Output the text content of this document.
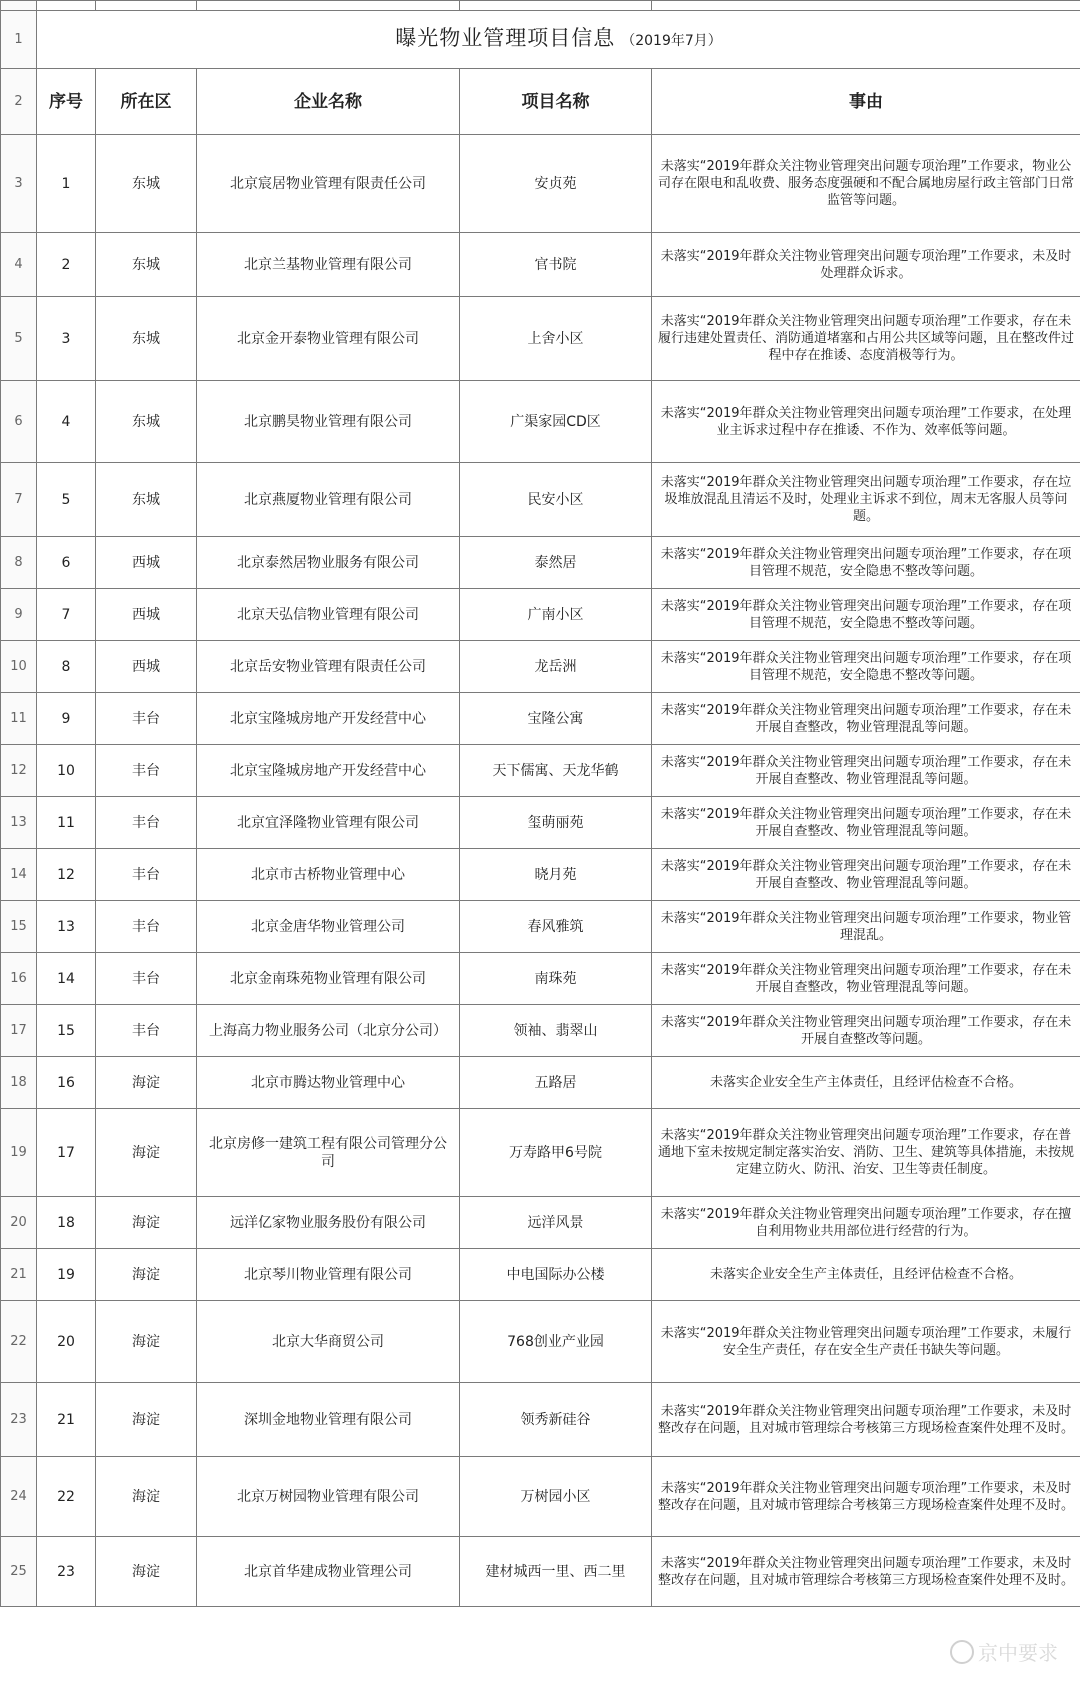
1	曝光物业管理项目信息 （2019年7月）				
2	序号	所在区	企业名称	项目名称	事由
3	1	东城	北京宸居物业管理有限责任公司	安贞苑	未落实“2019年群众关注物业管理突出问题专项治理”工作要求，物业公司存在限电和乱收费、服务态度强硬和不配合属地房屋行政主管部门日常监管等问题。
4	2	东城	北京兰基物业管理有限公司	官书院	未落实“2019年群众关注物业管理突出问题专项治理”工作要求，未及时处理群众诉求。
5	3	东城	北京金开泰物业管理有限公司	上舍小区	未落实“2019年群众关注物业管理突出问题专项治理”工作要求，存在未履行违建处置责任、消防通道堵塞和占用公共区域等问题，且在整改件过程中存在推诿、态度消极等行为。
6	4	东城	北京鹏昊物业管理有限公司	广渠家园CD区	未落实“2019年群众关注物业管理突出问题专项治理”工作要求，在处理业主诉求过程中存在推诿、不作为、效率低等问题。
7	5	东城	北京燕厦物业管理有限公司	民安小区	未落实“2019年群众关注物业管理突出问题专项治理”工作要求，存在垃圾堆放混乱且清运不及时，处理业主诉求不到位，周末无客服人员等问题。
8	6	西城	北京泰然居物业服务有限公司	泰然居	未落实“2019年群众关注物业管理突出问题专项治理”工作要求，存在项目管理不规范，安全隐患不整改等问题。
9	7	西城	北京天弘信物业管理有限公司	广南小区	未落实“2019年群众关注物业管理突出问题专项治理”工作要求，存在项目管理不规范，安全隐患不整改等问题。
10	8	西城	北京岳安物业管理有限责任公司	龙岳洲	未落实“2019年群众关注物业管理突出问题专项治理”工作要求，存在项目管理不规范，安全隐患不整改等问题。
11	9	丰台	北京宝隆城房地产开发经营中心	宝隆公寓	未落实“2019年群众关注物业管理突出问题专项治理”工作要求，存在未开展自查整改，物业管理混乱等问题。
12	10	丰台	北京宝隆城房地产开发经营中心	天下儒寓、天龙华鹤	未落实“2019年群众关注物业管理突出问题专项治理”工作要求，存在未开展自查整改、物业管理混乱等问题。
13	11	丰台	北京宜泽隆物业管理有限公司	玺萌丽苑	未落实“2019年群众关注物业管理突出问题专项治理”工作要求，存在未开展自查整改、物业管理混乱等问题。
14	12	丰台	北京市古桥物业管理中心	晓月苑	未落实“2019年群众关注物业管理突出问题专项治理”工作要求，存在未开展自查整改、物业管理混乱等问题。
15	13	丰台	北京金唐华物业管理公司	春风雅筑	未落实“2019年群众关注物业管理突出问题专项治理”工作要求，物业管理混乱。
16	14	丰台	北京金南珠苑物业管理有限公司	南珠苑	未落实“2019年群众关注物业管理突出问题专项治理”工作要求，存在未开展自查整改，物业管理混乱等问题。
17	15	丰台	上海高力物业服务公司（北京分公司）	领袖、翡翠山	未落实“2019年群众关注物业管理突出问题专项治理”工作要求，存在未开展自查整改等问题。
18	16	海淀	北京市腾达物业管理中心	五路居	未落实企业安全生产主体责任，且经评估检查不合格。
19	17	海淀	北京房修一建筑工程有限公司管理分公司	万寿路甲6号院	未落实“2019年群众关注物业管理突出问题专项治理”工作要求，存在普通地下室未按规定制定落实治安、消防、卫生、建筑等具体措施，未按规定建立防火、防汛、治安、卫生等责任制度。
20	18	海淀	远洋亿家物业服务股份有限公司	远洋风景	未落实“2019年群众关注物业管理突出问题专项治理”工作要求，存在擅自利用物业共用部位进行经营的行为。
21	19	海淀	北京琴川物业管理有限公司	中电国际办公楼	未落实企业安全生产主体责任，且经评估检查不合格。
22	20	海淀	北京大华商贸公司	768创业产业园	未落实“2019年群众关注物业管理突出问题专项治理”工作要求，未履行安全生产责任，存在安全生产责任书缺失等问题。
23	21	海淀	深圳金地物业管理有限公司	领秀新硅谷	未落实“2019年群众关注物业管理突出问题专项治理”工作要求，未及时整改存在问题，且对城市管理综合考核第三方现场检查案件处理不及时。
24	22	海淀	北京万树园物业管理有限公司	万树园小区	未落实“2019年群众关注物业管理突出问题专项治理”工作要求，未及时整改存在问题，且对城市管理综合考核第三方现场检查案件处理不及时。
25	23	海淀	北京首华建成物业管理公司	建材城西一里、西二里	未落实“2019年群众关注物业管理突出问题专项治理”工作要求，未及时整改存在问题，且对城市管理综合考核第三方现场检查案件处理不及时。
京中要求
